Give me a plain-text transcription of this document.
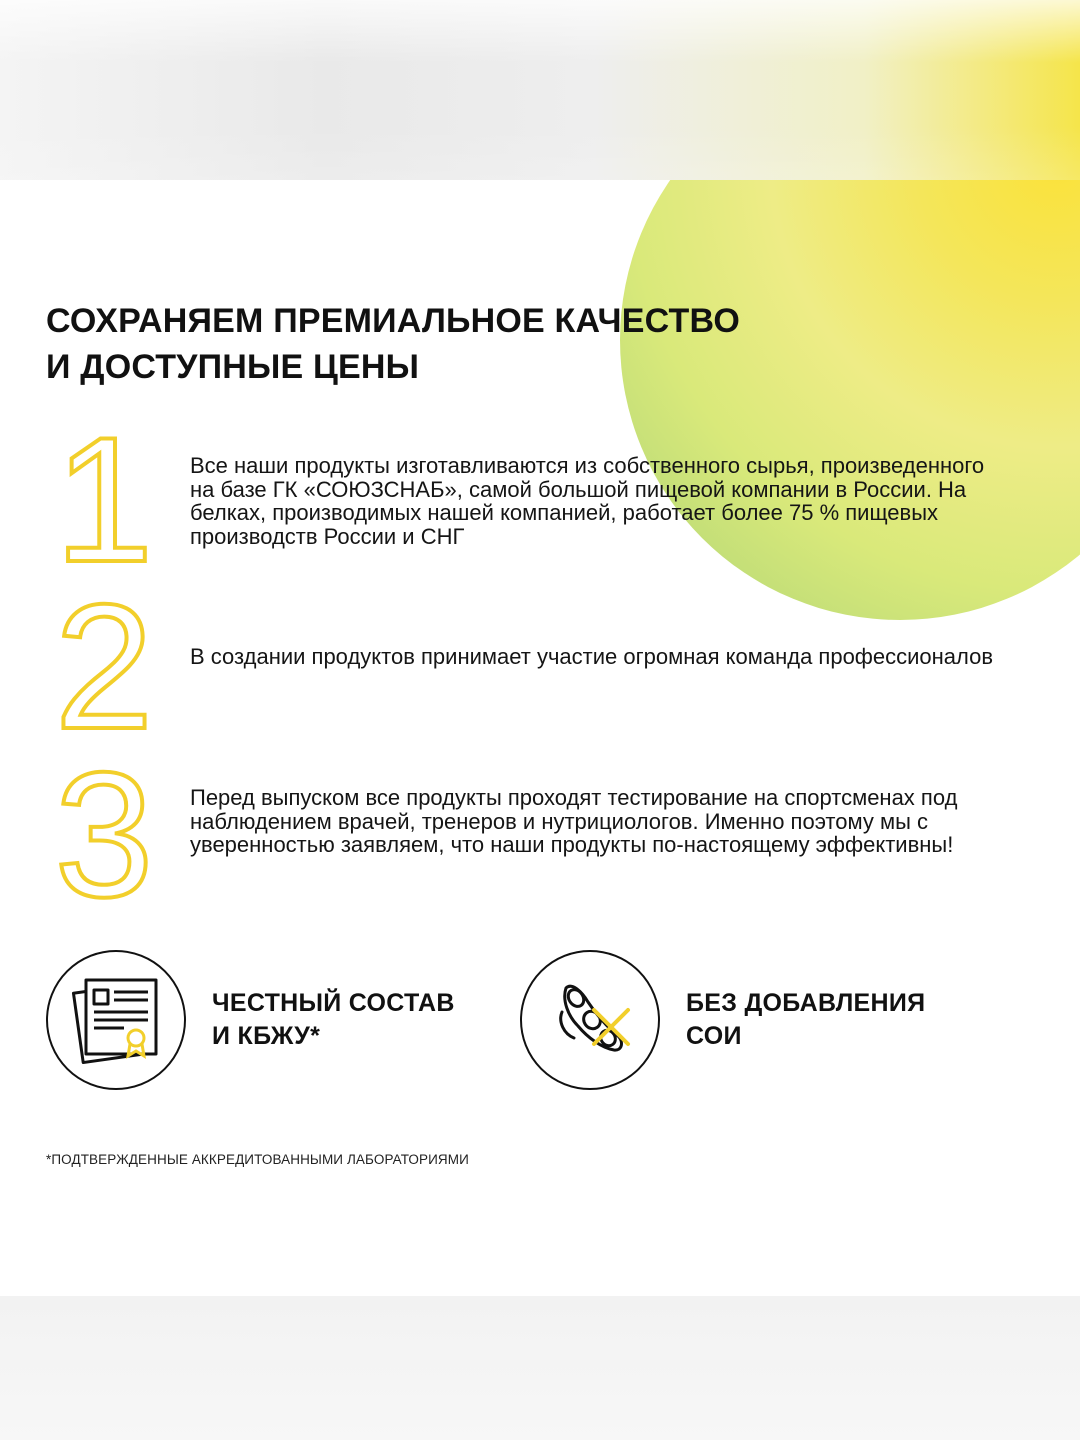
СОХРАНЯЕМ ПРЕМИАЛЬНОЕ КАЧЕСТВО
И ДОСТУПНЫЕ ЦЕНЫ
1 Все наши продукты изготавливаются из собственного сырья, произведенного на базе ГК «СОЮЗСНАБ», самой большой пищевой компании в России. На белках, производимых нашей компанией, работает более 75 % пищевых производств России и СНГ

2 В создании продуктов принимает участие огромная команда профессионалов

3 Перед выпуском все продукты проходят тестирование на спортсменах под наблюдением врачей, тренеров и нутрициологов. Именно поэтому мы с уверенностью заявляем, что наши продукты по-настоящему эффективны!

ЧЕСТНЫЙ СОСТАВ
И КБЖУ*

БЕЗ ДОБАВЛЕНИЯ
СОИ

*ПОДТВЕРЖДЕННЫЕ АККРЕДИТОВАННЫМИ ЛАБОРАТОРИЯМИ
